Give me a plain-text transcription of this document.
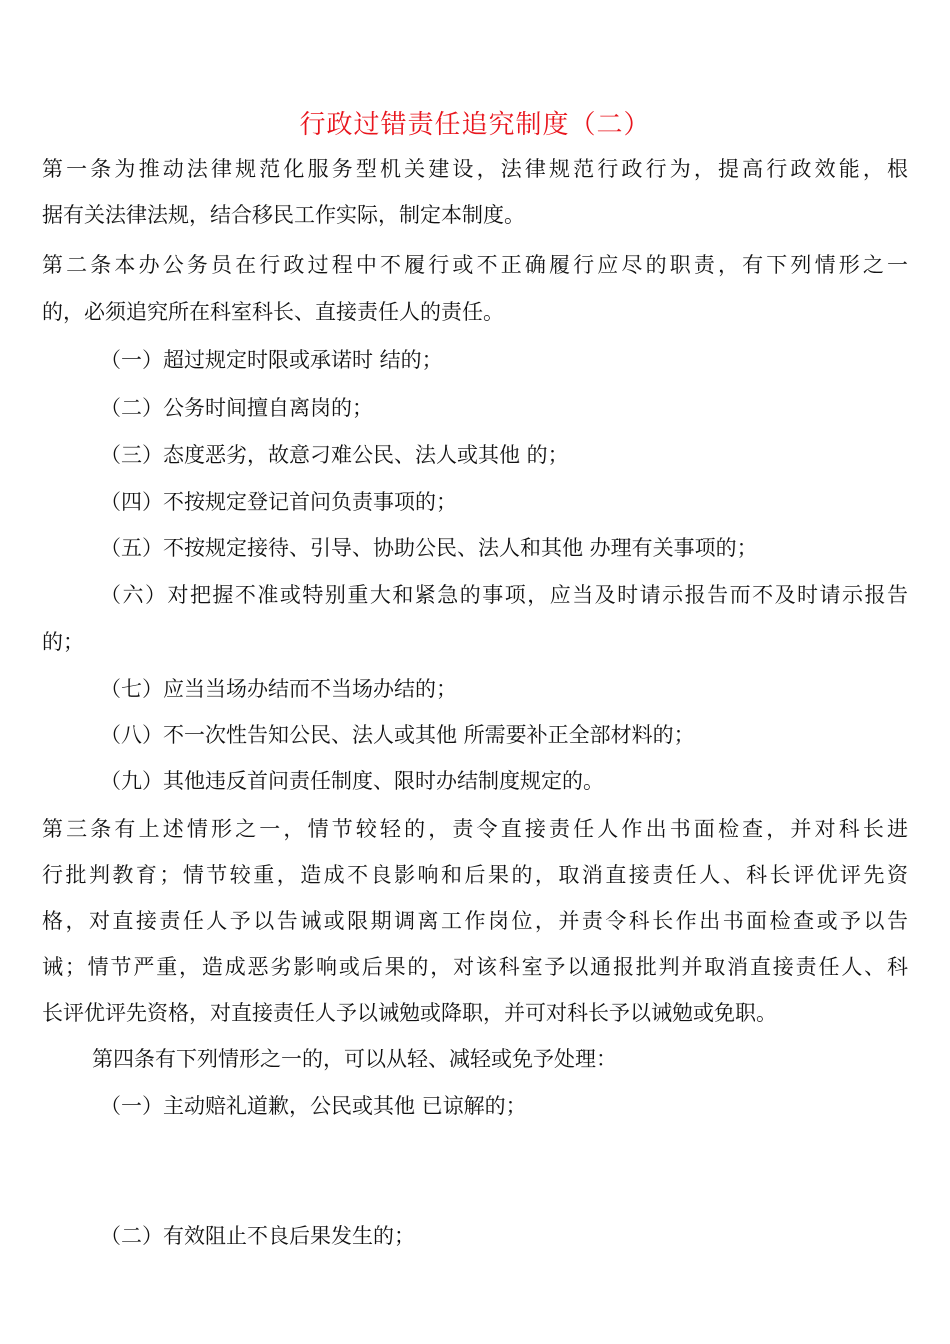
行政过错责任追究制度（二）
第一条为推动法律规范化服务型机关建设，法律规范行政行为，提高行政效能，根
据有关法律法规，结合移民工作实际，制定本制度。
第二条本办公务员在行政过程中不履行或不正确履行应尽的职责，有下列情形之一
的，必须追究所在科室科长、直接责任人的责任。
（一）超过规定时限或承诺时 结的；
（二）公务时间擅自离岗的；
（三）态度恶劣，故意刁难公民、法人或其他 的；
（四）不按规定登记首问负责事项的；
（五）不按规定接待、引导、协助公民、法人和其他 办理有关事项的；
（六）对把握不准或特别重大和紧急的事项，应当及时请示报告而不及时请示报告
的；
（七）应当当场办结而不当场办结的；
（八）不一次性告知公民、法人或其他 所需要补正全部材料的；
（九）其他违反首问责任制度、限时办结制度规定的。
第三条有上述情形之一，情节较轻的，责令直接责任人作出书面检查，并对科长进
行批判教育；情节较重，造成不良影响和后果的，取消直接责任人、科长评优评先资
格，对直接责任人予以告诫或限期调离工作岗位，并责令科长作出书面检查或予以告
诫；情节严重，造成恶劣影响或后果的，对该科室予以通报批判并取消直接责任人、科
长评优评先资格，对直接责任人予以诫勉或降职，并可对科长予以诫勉或免职。
第四条有下列情形之一的，可以从轻、减轻或免予处理：
（一）主动赔礼道歉，公民或其他 已谅解的；
（二）有效阻止不良后果发生的；
